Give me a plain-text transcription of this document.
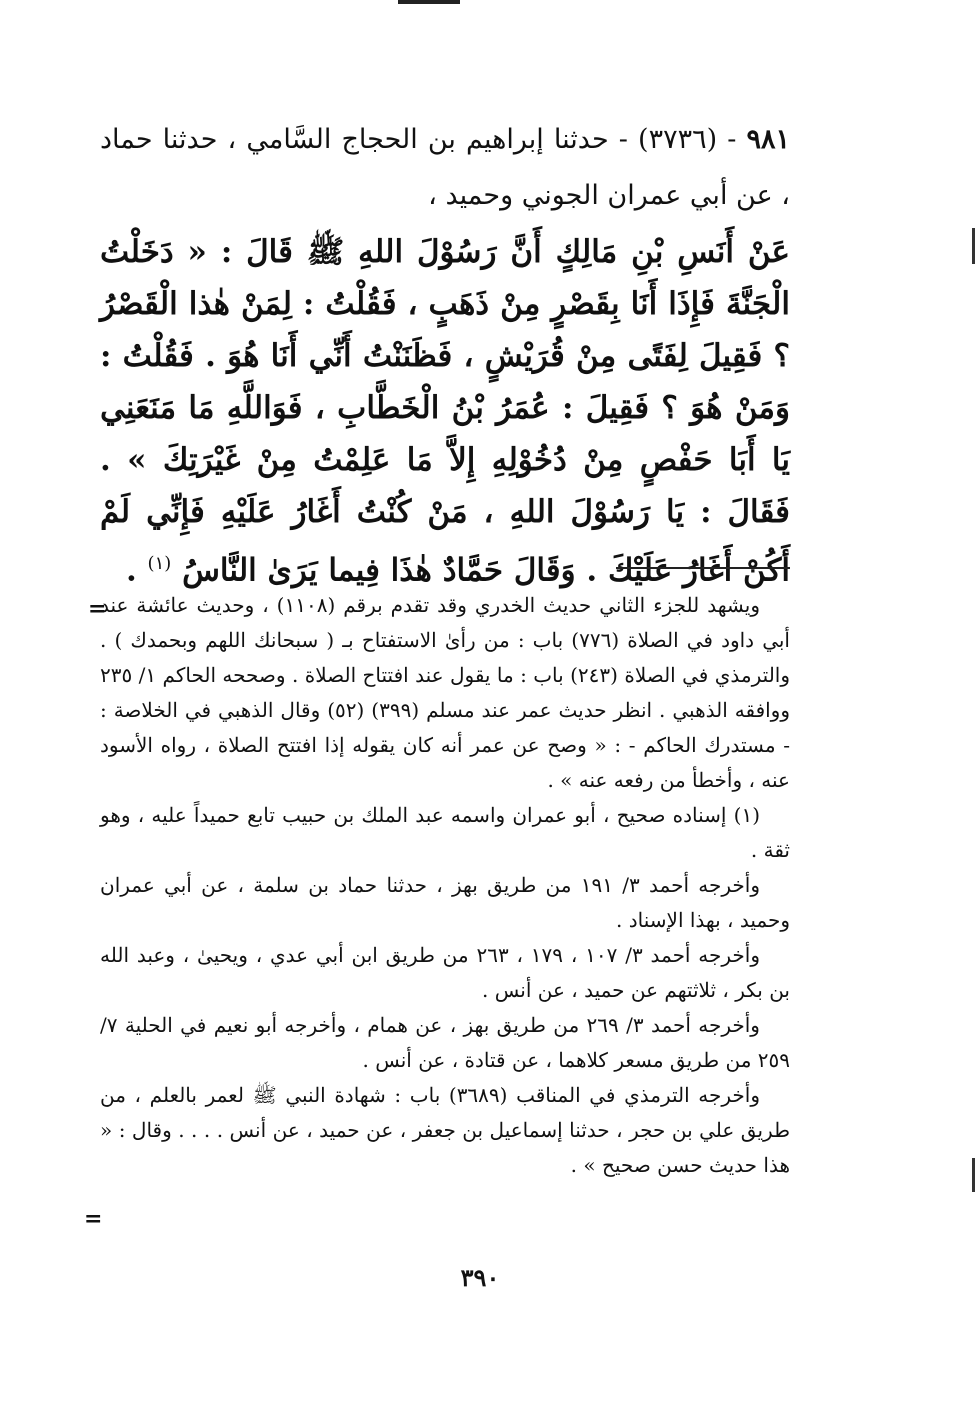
٩٨١ - (٣٧٣٦) - حدثنا إبراهيم بن الحجاج السَّامي ، حدثنا حماد ، عن أبي عمران الجوني وحميد ،
عَنْ أَنَسِ بْنِ مَالِكٍ أَنَّ رَسُوْلَ اللهِ ﷺ قَالَ : « دَخَلْتُ الْجَنَّةَ فَإِذَا أَنَا بِقَصْرٍ مِنْ ذَهَبٍ ، فَقُلْتُ : لِمَنْ هٰذا الْقَصْرُ ؟ فَقِيلَ لِفَتًى مِنْ قُرَيْشٍ ، فَظَنَنْتُ أَنِّي أَنَا هُوَ . فَقُلْتُ : وَمَنْ هُوَ ؟ فَقِيلَ : عُمَرُ بْنُ الْخَطَّابِ ، فَوَاللَّهِ مَا مَنَعَنِي يَا أَبَا حَفْصٍ مِنْ دُخُوْلِهِ إِلاَّ مَا عَلِمْتُ مِنْ غَيْرَتِكَ » . فَقَالَ : يَا رَسُوْلَ اللهِ ، مَنْ كُنْتُ أَغَارُ عَلَيْهِ فَإِنِّي لَمْ أَكُنْ أَغَارُ عَلَيْكَ . وَقَالَ حَمَّادٌ هٰذَا فِيما يَرَىٰ النَّاسُ $^{(١)}$ .
=

ويشهد للجزء الثاني حديث الخدري وقد تقدم برقم (١١٠٨) ، وحديث عائشة عند أبي داود في الصلاة (٧٧٦) باب : من رأىٰ الاستفتاح بـ ( سبحانك اللهم وبحمدك ) . والترمذي في الصلاة (٢٤٣) باب : ما يقول عند افتتاح الصلاة . وصححه الحاكم ١/ ٢٣٥ ووافقه الذهبي . انظر حديث عمر عند مسلم (٣٩٩) (٥٢) وقال الذهبي في الخلاصة : - مستدرك الحاكم - : « وصح عن عمر أنه كان يقوله إذا افتتح الصلاة ، رواه الأسود عنه ، وأخطأ من رفعه عنه » .

(١) إسناده صحيح ، أبو عمران واسمه عبد الملك بن حبيب تابع حميداً عليه ، وهو ثقة .

وأخرجه أحمد ٣/ ١٩١ من طريق بهز ، حدثنا حماد بن سلمة ، عن أبي عمران وحميد ، بهذا الإسناد .

وأخرجه أحمد ٣/ ١٠٧ ، ١٧٩ ، ٢٦٣ من طريق ابن أبي عدي ، ويحيىٰ ، وعبد الله بن بكر ، ثلاثتهم عن حميد ، عن أنس .

وأخرجه أحمد ٣/ ٢٦٩ من طريق بهز ، عن همام ، وأخرجه أبو نعيم في الحلية ٧/ ٢٥٩ من طريق مسعر كلاهما ، عن قتادة ، عن أنس .

وأخرجه الترمذي في المناقب (٣٦٨٩) باب : شهادة النبي ﷺ لعمر بالعلم ، من طريق علي بن حجر ، حدثنا إسماعيل بن جعفر ، عن حميد ، عن أنس . . . . وقال : « هذا حديث حسن صحيح » .

=
٣٩٠
